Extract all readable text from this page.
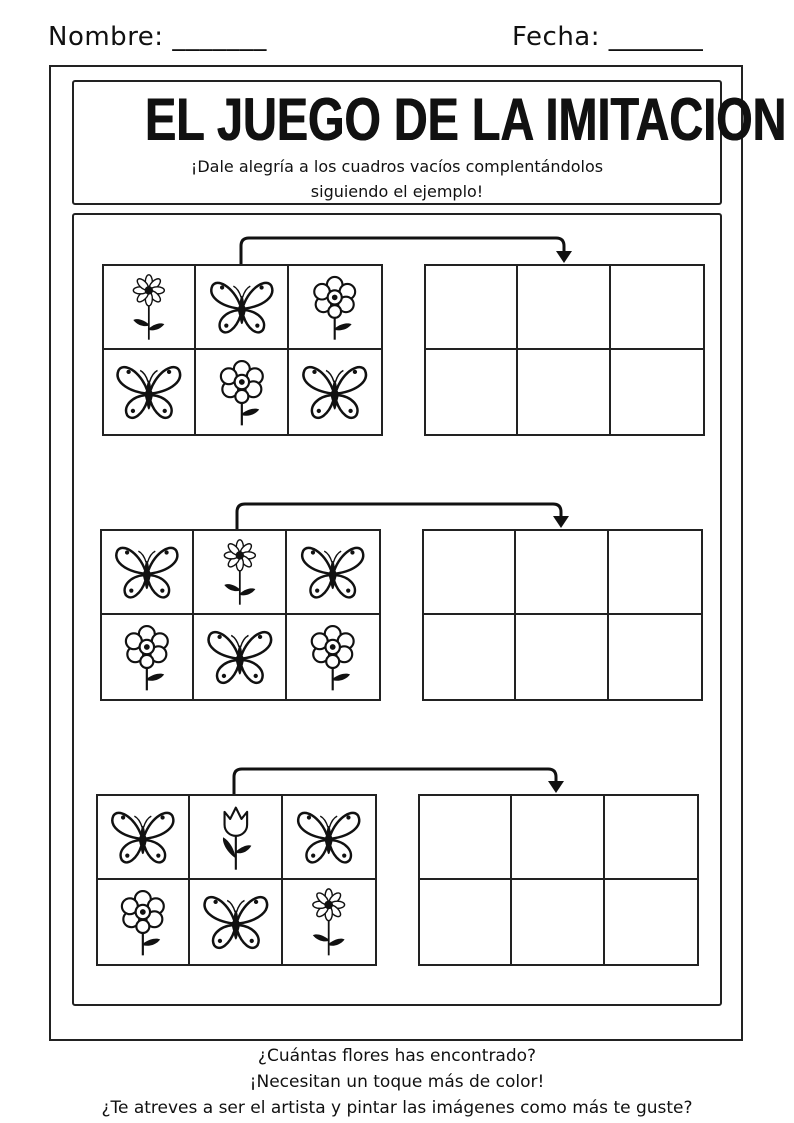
Nombre: _______	Fecha: _______
EL JUEGO DE LA IMITACION
¡Dale alegría a los cuadros vacíos complentándolos
siguiendo el ejemplo!
¿Cuántas flores has encontrado?
¡Necesitan un toque más de color!
¿Te atreves a ser el artista y pintar las imágenes como más te guste?
